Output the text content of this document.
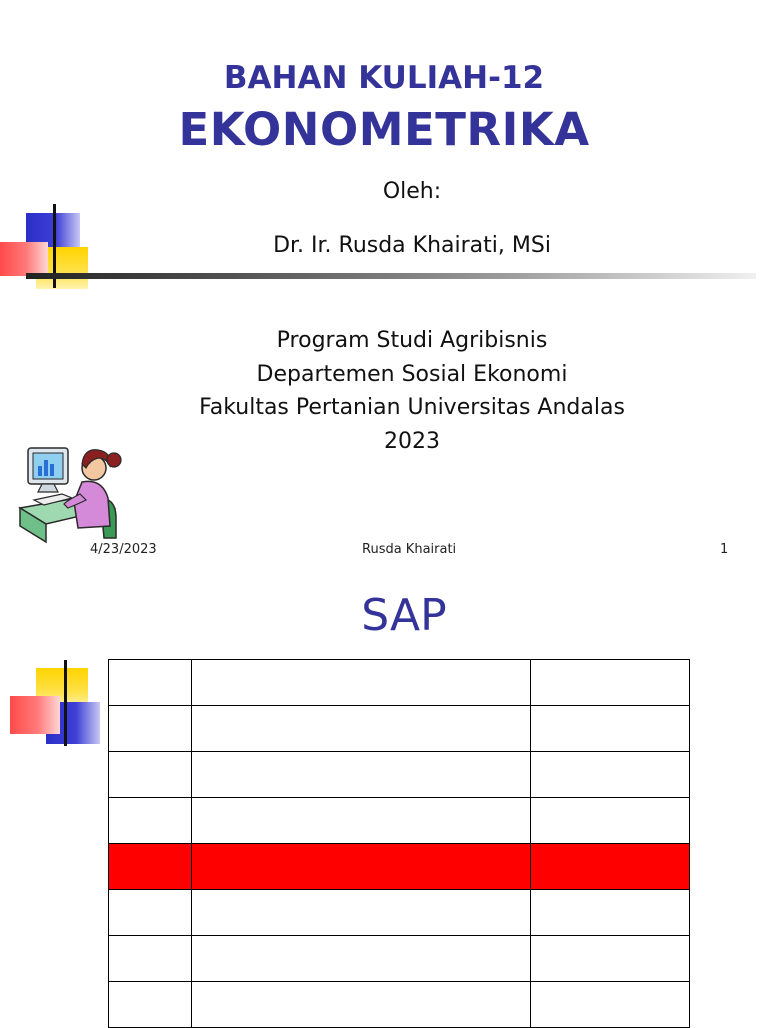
BAHAN KULIAH-12
EKONOMETRIKA
Oleh:
Dr. Ir. Rusda Khairati, MSi
Program Studi Agribisnis
Departemen Sosial Ekonomi
Fakultas Pertanian Universitas Andalas
2023
4/23/2023	Rusda Khairati	1
SAP
